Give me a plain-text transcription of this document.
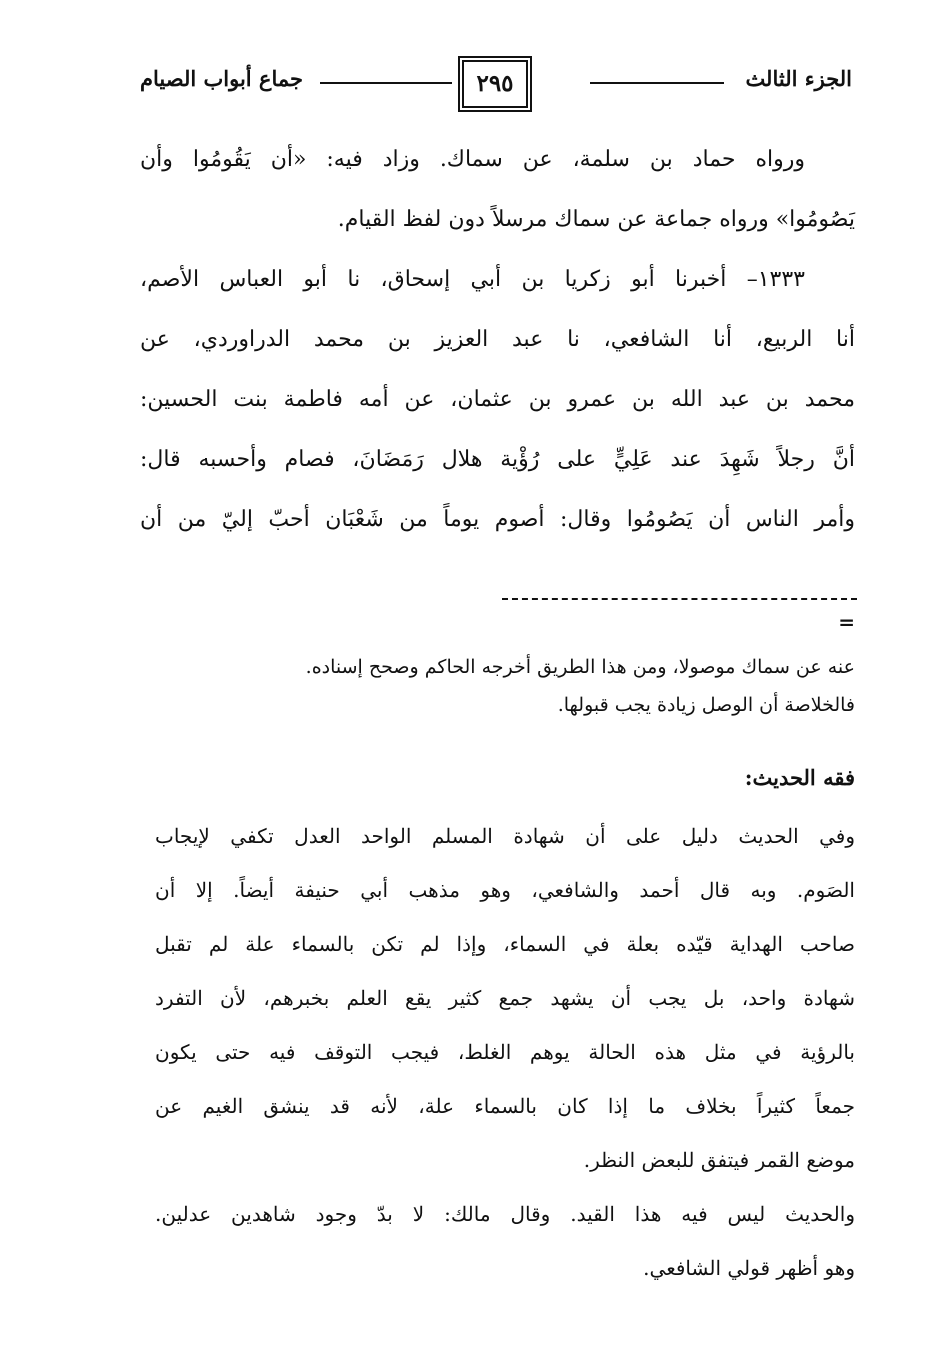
الجزء الثالث
٢٩٥
جماع أبواب الصيام
ورواه حماد بن سلمة، عن سماك. وزاد فيه: «أن يَقُومُوا وأن
يَصُومُوا» ورواه جماعة عن سماك مرسلاً دون لفظ القيام.
١٣٣٣– أخبرنا أبو زكريا بن أبي إسحاق، نا أبو العباس الأصم،
أنا الربيع، أنا الشافعي، نا عبد العزيز بن محمد الدراوردي، عن
محمد بن عبد الله بن عمرو بن عثمان، عن أمه فاطمة بنت الحسين:
أنَّ رجلاً شَهِدَ عند عَلِيٍّ على رُؤْية هلال رَمَضَانَ، فصام وأحسبه قال:
وأمر الناس أن يَصُومُوا وقال: أصوم يوماً من شَعْبَان أحبّ إليّ من أن
=
عنه عن سماك موصولا، ومن هذا الطريق أخرجه الحاكم وصحح إسناده.
فالخلاصة أن الوصل زيادة يجب قبولها.
فقه الحديث:
وفي الحديث دليل على أن شهادة المسلم الواحد العدل تكفي لإيجاب
الصَوم. وبه قال أحمد والشافعي، وهو مذهب أبي حنيفة أيضاً. إلا أن
صاحب الهداية قيّده بعلة في السماء، وإذا لم تكن بالسماء علة لم تقبل
شهادة واحد، بل يجب أن يشهد جمع كثير يقع العلم بخبرهم، لأن التفرد
بالرؤية في مثل هذه الحالة يوهم الغلط، فيجب التوقف فيه حتى يكون
جمعاً كثيراً بخلاف ما إذا كان بالسماء علة، لأنه قد ينشق الغيم عن
موضع القمر فيتفق للبعض النظر.
والحديث ليس فيه هذا القيد. وقال مالك: لا بدّ وجود شاهدين عدلين.
وهو أظهر قولي الشافعي.
